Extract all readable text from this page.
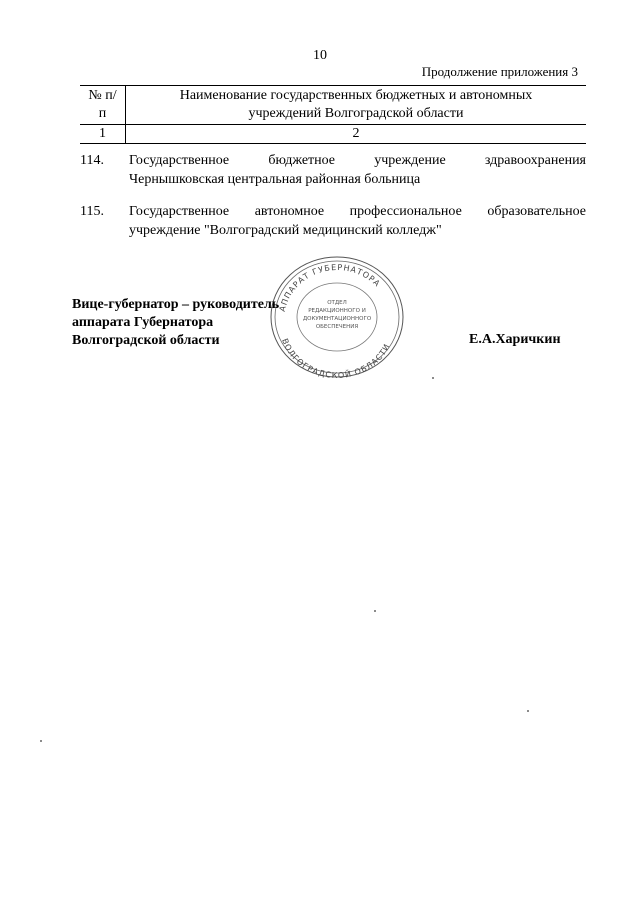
10
Продолжение приложения 3
№ п/п	Наименование государственных бюджетных и автономных учреждений Волгоградской области
1	2
114.	Государственное бюджетное учреждение здравоохранения
Чернышковская центральная районная больница
115.	Государственное автономное профессиональное образовательное
учреждение "Волгоградский медицинский колледж"
АППАРАТ ГУБЕРНАТОРА
ВОЛГОГРАДСКОЙ ОБЛАСТИ
ОТДЕЛ
РЕДАКЦИОННОГО И
ДОКУМЕНТАЦИОННОГО
ОБЕСПЕЧЕНИЯ
Вице-губернатор – руководитель
аппарата Губернатора
Волгоградской области	Е.А.Харичкин
